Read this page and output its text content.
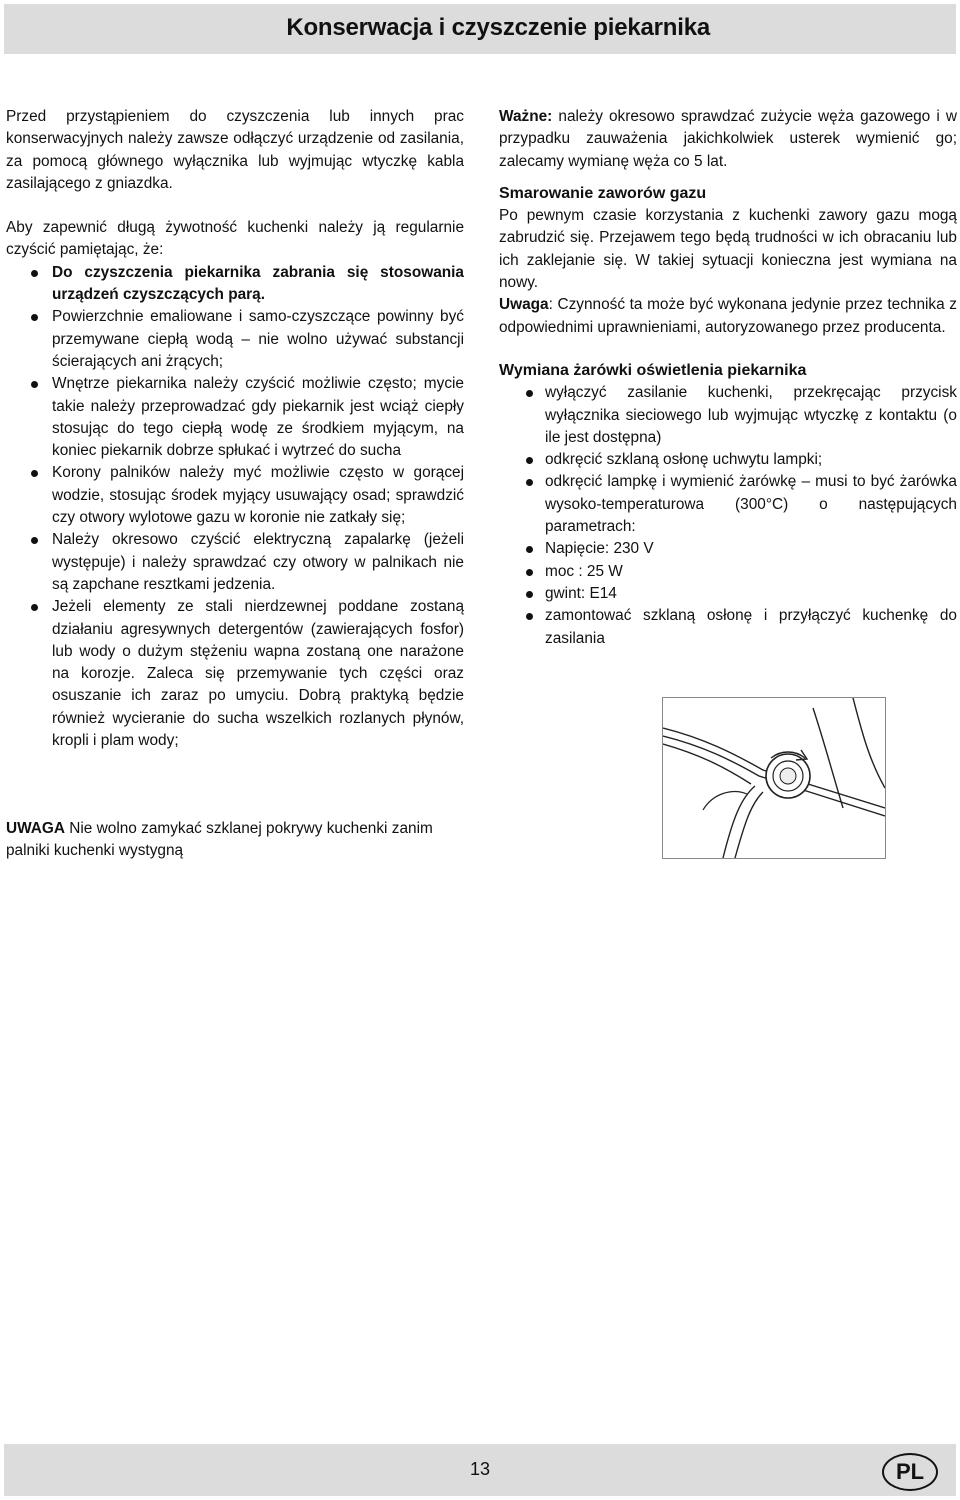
Konserwacja i czyszczenie piekarnika

Przed przystąpieniem do czyszczenia lub innych prac konserwacyjnych należy zawsze odłączyć urządzenie od zasilania, za pomocą głównego wyłącznika lub wyjmując wtyczkę kabla zasilającego z gniazdka.

Aby zapewnić długą żywotność kuchenki należy ją regularnie czyścić pamiętając, że:

Do czyszczenia piekarnika zabrania się stosowania urządzeń czyszczących parą.
Powierzchnie emaliowane i samo-czyszczące powinny być przemywane ciepłą wodą – nie wolno używać substancji ścierających ani żrących;
Wnętrze piekarnika należy czyścić możliwie często; mycie takie należy przeprowadzać gdy piekarnik jest wciąż ciepły stosując do tego ciepłą wodę ze środkiem myjącym, na koniec piekarnik dobrze spłukać i wytrzeć do sucha
Korony palników należy myć możliwie często w gorącej wodzie, stosując środek myjący usuwający osad; sprawdzić czy otwory wylotowe gazu w koronie nie zatkały się;
Należy okresowo czyścić elektryczną zapalarkę (jeżeli występuje) i należy sprawdzać czy otwory w palnikach nie są zapchane resztkami jedzenia.
Jeżeli elementy ze stali nierdzewnej poddane zostaną działaniu agresywnych detergentów (zawierających fosfor) lub wody o dużym stężeniu wapna zostaną one narażone na korozje. Zaleca się przemywanie tych części oraz osuszanie ich zaraz po umyciu. Dobrą praktyką będzie również wycieranie do sucha wszelkich rozlanych płynów, kropli i plam wody;
UWAGA Nie wolno zamykać szklanej pokrywy kuchenki zanim palniki kuchenki wystygną

Ważne: należy okresowo sprawdzać zużycie węża gazowego i w przypadku zauważenia jakichkolwiek usterek wymienić go; zalecamy wymianę węża co 5 lat.

Smarowanie zaworów gazu

Po pewnym czasie korzystania z kuchenki zawory gazu mogą zabrudzić się. Przejawem tego będą trudności w ich obracaniu lub ich zaklejanie się. W takiej sytuacji konieczna jest wymiana na nowy.

Uwaga: Czynność ta może być wykonana jedynie przez technika z odpowiednimi uprawnieniami, autoryzowanego przez producenta.

Wymiana żarówki oświetlenia piekarnika

wyłączyć zasilanie kuchenki, przekręcając przycisk wyłącznika sieciowego lub wyjmując wtyczkę z kontaktu (o ile jest dostępna)
odkręcić szklaną osłonę uchwytu lampki;
odkręcić lampkę i wymienić żarówkę – musi to być żarówka wysoko-temperaturowa (300°C) o następujących parametrach:
Napięcie: 230 V
moc : 25 W
gwint: E14
zamontować szklaną osłonę i przyłączyć kuchenkę do zasilania
13	PL
